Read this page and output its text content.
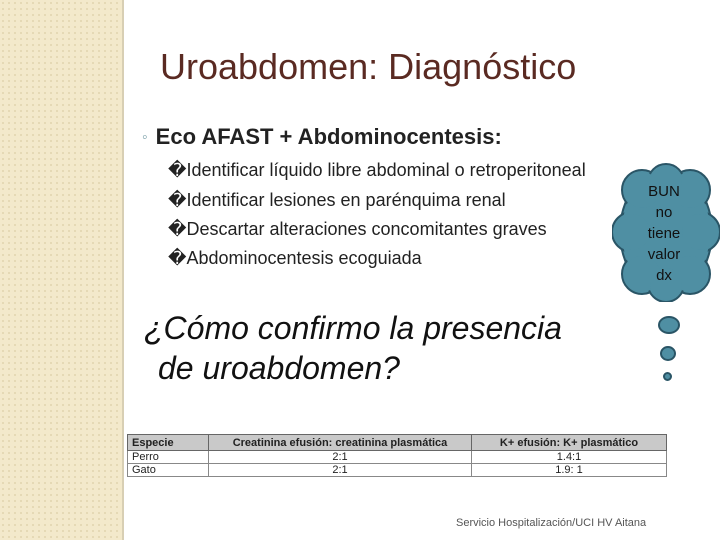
Uroabdomen: Diagnóstico
◦ Eco AFAST + Abdominocentesis:
�Identificar líquido libre abdominal o retroperitoneal
�Identificar lesiones en parénquima renal
�Descartar alteraciones concomitantes graves
�Abdominocentesis ecoguiada
BUN
no
tiene
valor
dx
¿Cómo confirmo la presencia
de uroabdomen?
Especie	Creatinina efusión: creatinina plasmática	K+ efusión: K+ plasmático
Perro	2:1	1.4:1
Gato	2:1	1.9: 1
Servicio Hospitalización/UCI HV Aitana
